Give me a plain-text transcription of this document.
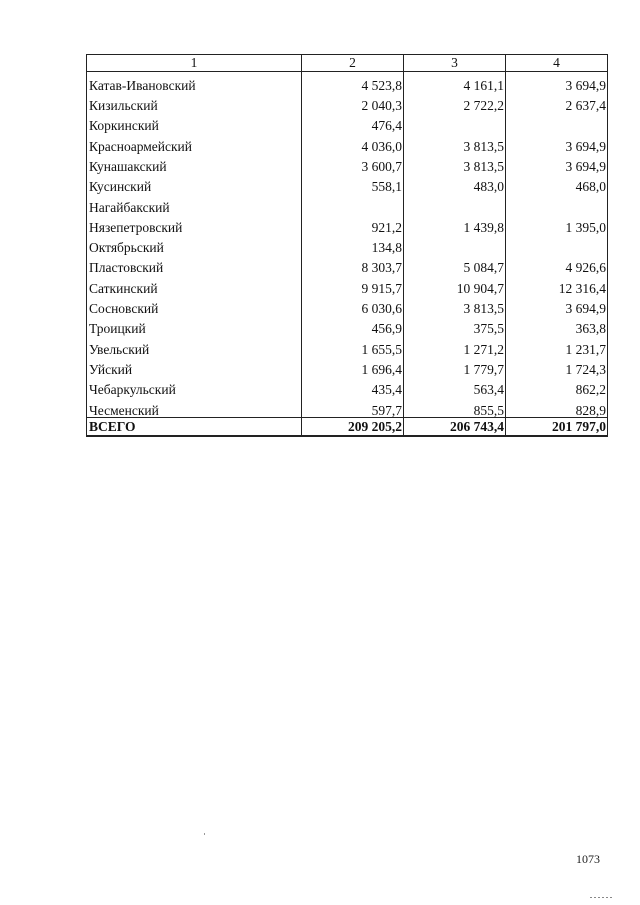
1	2	3	4
Катав-Ивановский	4 523,8	4 161,1	3 694,9
Кизильский	2 040,3	2 722,2	2 637,4
Коркинский	476,4		
Красноармейский	4 036,0	3 813,5	3 694,9
Кунашакский	3 600,7	3 813,5	3 694,9
Кусинский	558,1	483,0	468,0
Нагайбакский			
Нязепетровский	921,2	1 439,8	1 395,0
Октябрьский	134,8		
Пластовский	8 303,7	5 084,7	4 926,6
Саткинский	9 915,7	10 904,7	12 316,4
Сосновский	6 030,6	3 813,5	3 694,9
Троицкий	456,9	375,5	363,8
Увельский	1 655,5	1 271,2	1 231,7
Уйский	1 696,4	1 779,7	1 724,3
Чебаркульский	435,4	563,4	862,2
Чесменский	597,7	855,5	828,9
ВСЕГО	209 205,2	206 743,4	201 797,0
1073
